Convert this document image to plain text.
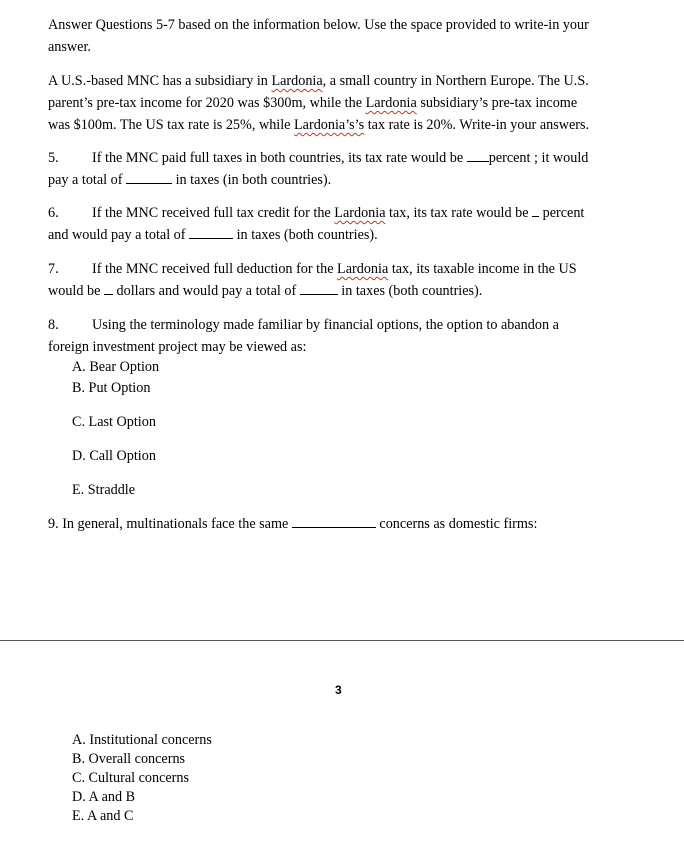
Answer Questions 5-7 based on the information below. Use the space provided to write-in your
answer.
A U.S.-based MNC has a subsidiary in Lardonia, a small country in Northern Europe. The U.S.
parent’s pre-tax income for 2020 was $300m, while the Lardonia subsidiary’s pre-tax income
was $100m. The US tax rate is 25%, while Lardonia’s’s tax rate is 20%. Write-in your answers.
5. If the MNC paid full taxes in both countries, its tax rate would be percent ; it would
pay a total of	in taxes (in both countries).
6. If the MNC received full tax credit for the Lardonia tax, its tax rate would be  percent
and would pay a total of	in taxes (both countries).
7. If the MNC received full deduction for the Lardonia tax, its taxable income in the US
would be  dollars and would pay a total of	in taxes (both countries).
8. Using the terminology made familiar by financial options, the option to abandon a
foreign investment project may be viewed as:
A. Bear Option
B. Put Option
C. Last Option
D. Call Option
E. Straddle
9. In general, multinationals face the same	concerns as domestic firms:
3
A. Institutional concerns
B. Overall concerns
C. Cultural concerns
D. A and B
E. A and C
